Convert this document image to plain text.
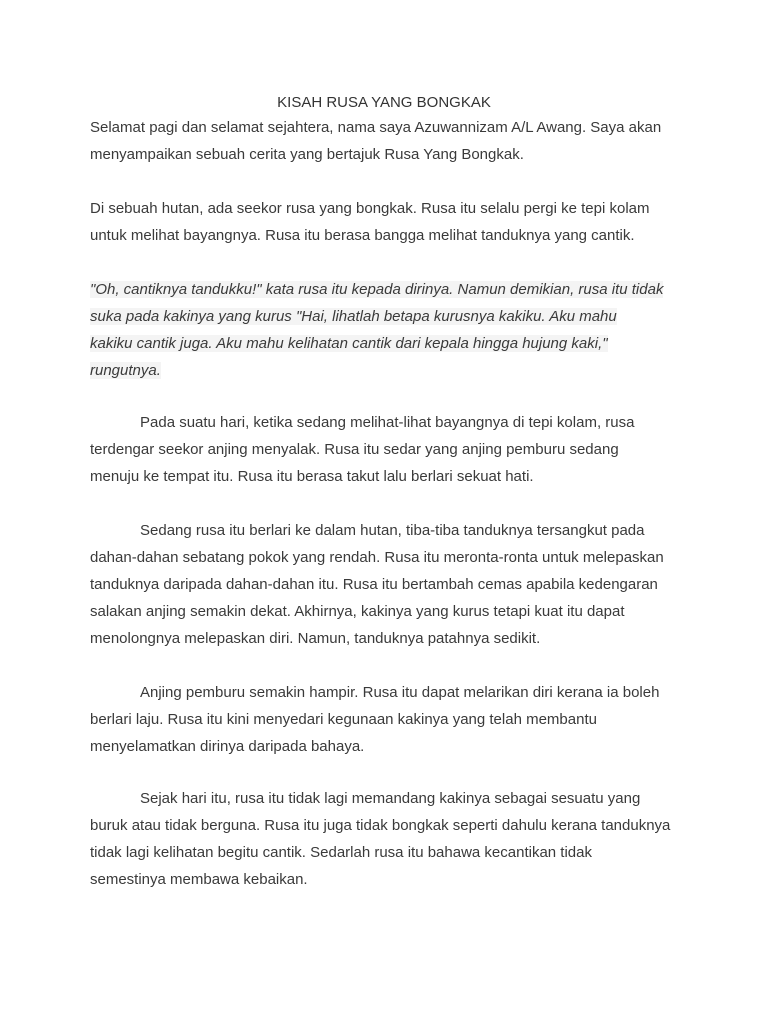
KISAH RUSA YANG BONGKAK
Selamat pagi dan selamat sejahtera, nama saya Azuwannizam A/L Awang. Saya akan
menyampaikan sebuah cerita yang bertajuk Rusa Yang Bongkak.
Di sebuah hutan, ada seekor rusa yang bongkak. Rusa itu selalu pergi ke tepi kolam
untuk melihat bayangnya. Rusa itu berasa bangga melihat tanduknya yang cantik.
"Oh, cantiknya tandukku!" kata rusa itu kepada dirinya. Namun demikian, rusa itu tidak
suka pada kakinya yang kurus "Hai, lihatlah betapa kurusnya kakiku. Aku mahu
kakiku cantik juga. Aku mahu kelihatan cantik dari kepala hingga hujung kaki,"
rungutnya.
Pada suatu hari, ketika sedang melihat-lihat bayangnya di tepi kolam, rusa
terdengar seekor anjing menyalak. Rusa itu sedar yang anjing pemburu sedang
menuju ke tempat itu. Rusa itu berasa takut lalu berlari sekuat hati.
Sedang rusa itu berlari ke dalam hutan, tiba-tiba tanduknya tersangkut pada
dahan-dahan sebatang pokok yang rendah. Rusa itu meronta-ronta untuk melepaskan
tanduknya daripada dahan-dahan itu. Rusa itu bertambah cemas apabila kedengaran
salakan anjing semakin dekat. Akhirnya, kakinya yang kurus tetapi kuat itu dapat
menolongnya melepaskan diri. Namun, tanduknya patahnya sedikit.
Anjing pemburu semakin hampir. Rusa itu dapat melarikan diri kerana ia boleh
berlari laju. Rusa itu kini menyedari kegunaan kakinya yang telah membantu
menyelamatkan dirinya daripada bahaya.
Sejak hari itu, rusa itu tidak lagi memandang kakinya sebagai sesuatu yang
buruk atau tidak berguna. Rusa itu juga tidak bongkak seperti dahulu kerana tanduknya
tidak lagi kelihatan begitu cantik. Sedarlah rusa itu bahawa kecantikan tidak
semestinya membawa kebaikan.
